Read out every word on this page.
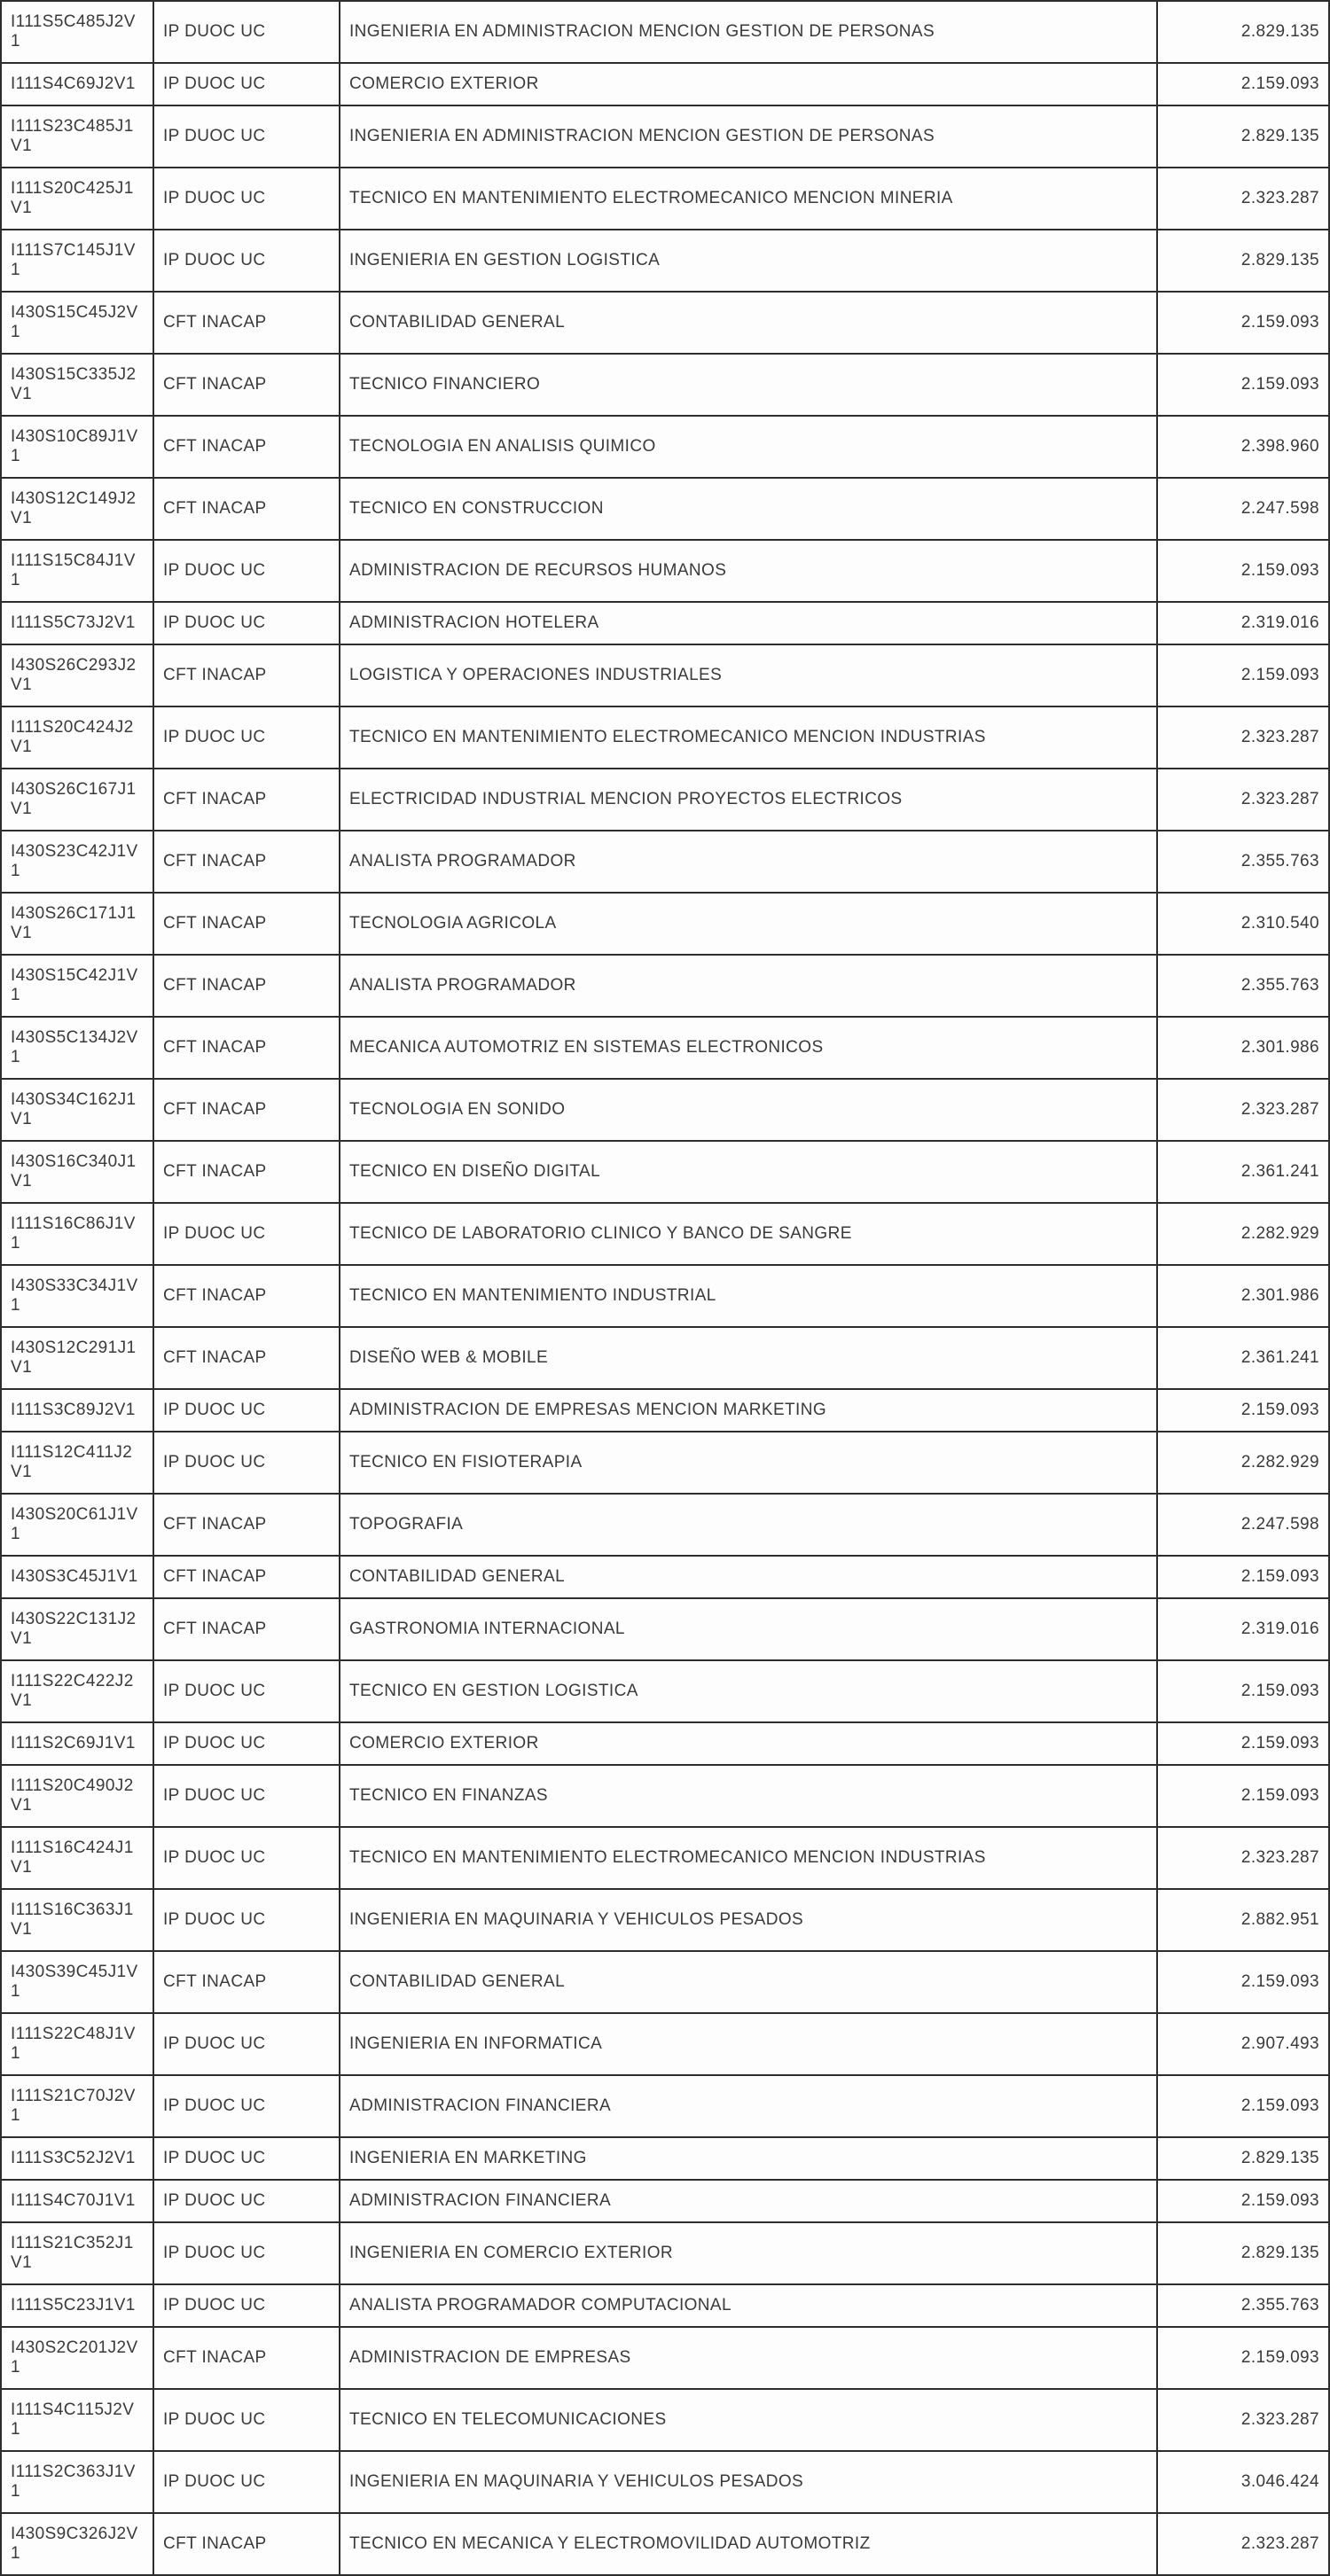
I111S5C485J2V1	IP DUOC UC	INGENIERIA EN ADMINISTRACION MENCION GESTION DE PERSONAS	2.829.135
I111S4C69J2V1	IP DUOC UC	COMERCIO EXTERIOR	2.159.093
I111S23C485J1V1	IP DUOC UC	INGENIERIA EN ADMINISTRACION MENCION GESTION DE PERSONAS	2.829.135
I111S20C425J1V1	IP DUOC UC	TECNICO EN MANTENIMIENTO ELECTROMECANICO MENCION MINERIA	2.323.287
I111S7C145J1V1	IP DUOC UC	INGENIERIA EN GESTION LOGISTICA	2.829.135
I430S15C45J2V1	CFT INACAP	CONTABILIDAD GENERAL	2.159.093
I430S15C335J2V1	CFT INACAP	TECNICO FINANCIERO	2.159.093
I430S10C89J1V1	CFT INACAP	TECNOLOGIA EN ANALISIS QUIMICO	2.398.960
I430S12C149J2V1	CFT INACAP	TECNICO EN CONSTRUCCION	2.247.598
I111S15C84J1V1	IP DUOC UC	ADMINISTRACION DE RECURSOS HUMANOS	2.159.093
I111S5C73J2V1	IP DUOC UC	ADMINISTRACION HOTELERA	2.319.016
I430S26C293J2V1	CFT INACAP	LOGISTICA Y OPERACIONES INDUSTRIALES	2.159.093
I111S20C424J2V1	IP DUOC UC	TECNICO EN MANTENIMIENTO ELECTROMECANICO MENCION INDUSTRIAS	2.323.287
I430S26C167J1V1	CFT INACAP	ELECTRICIDAD INDUSTRIAL MENCION PROYECTOS ELECTRICOS	2.323.287
I430S23C42J1V1	CFT INACAP	ANALISTA PROGRAMADOR	2.355.763
I430S26C171J1V1	CFT INACAP	TECNOLOGIA AGRICOLA	2.310.540
I430S15C42J1V1	CFT INACAP	ANALISTA PROGRAMADOR	2.355.763
I430S5C134J2V1	CFT INACAP	MECANICA AUTOMOTRIZ EN SISTEMAS ELECTRONICOS	2.301.986
I430S34C162J1V1	CFT INACAP	TECNOLOGIA EN SONIDO	2.323.287
I430S16C340J1V1	CFT INACAP	TECNICO EN DISEÑO DIGITAL	2.361.241
I111S16C86J1V1	IP DUOC UC	TECNICO DE LABORATORIO CLINICO Y BANCO DE SANGRE	2.282.929
I430S33C34J1V1	CFT INACAP	TECNICO EN MANTENIMIENTO INDUSTRIAL	2.301.986
I430S12C291J1V1	CFT INACAP	DISEÑO WEB & MOBILE	2.361.241
I111S3C89J2V1	IP DUOC UC	ADMINISTRACION DE EMPRESAS MENCION MARKETING	2.159.093
I111S12C411J2V1	IP DUOC UC	TECNICO EN FISIOTERAPIA	2.282.929
I430S20C61J1V1	CFT INACAP	TOPOGRAFIA	2.247.598
I430S3C45J1V1	CFT INACAP	CONTABILIDAD GENERAL	2.159.093
I430S22C131J2V1	CFT INACAP	GASTRONOMIA INTERNACIONAL	2.319.016
I111S22C422J2V1	IP DUOC UC	TECNICO EN GESTION LOGISTICA	2.159.093
I111S2C69J1V1	IP DUOC UC	COMERCIO EXTERIOR	2.159.093
I111S20C490J2V1	IP DUOC UC	TECNICO EN FINANZAS	2.159.093
I111S16C424J1V1	IP DUOC UC	TECNICO EN MANTENIMIENTO ELECTROMECANICO MENCION INDUSTRIAS	2.323.287
I111S16C363J1V1	IP DUOC UC	INGENIERIA EN MAQUINARIA Y VEHICULOS PESADOS	2.882.951
I430S39C45J1V1	CFT INACAP	CONTABILIDAD GENERAL	2.159.093
I111S22C48J1V1	IP DUOC UC	INGENIERIA EN INFORMATICA	2.907.493
I111S21C70J2V1	IP DUOC UC	ADMINISTRACION FINANCIERA	2.159.093
I111S3C52J2V1	IP DUOC UC	INGENIERIA EN MARKETING	2.829.135
I111S4C70J1V1	IP DUOC UC	ADMINISTRACION FINANCIERA	2.159.093
I111S21C352J1V1	IP DUOC UC	INGENIERIA EN COMERCIO EXTERIOR	2.829.135
I111S5C23J1V1	IP DUOC UC	ANALISTA PROGRAMADOR COMPUTACIONAL	2.355.763
I430S2C201J2V1	CFT INACAP	ADMINISTRACION DE EMPRESAS	2.159.093
I111S4C115J2V1	IP DUOC UC	TECNICO EN TELECOMUNICACIONES	2.323.287
I111S2C363J1V1	IP DUOC UC	INGENIERIA EN MAQUINARIA Y VEHICULOS PESADOS	3.046.424
I430S9C326J2V1	CFT INACAP	TECNICO EN MECANICA Y ELECTROMOVILIDAD AUTOMOTRIZ	2.323.287
